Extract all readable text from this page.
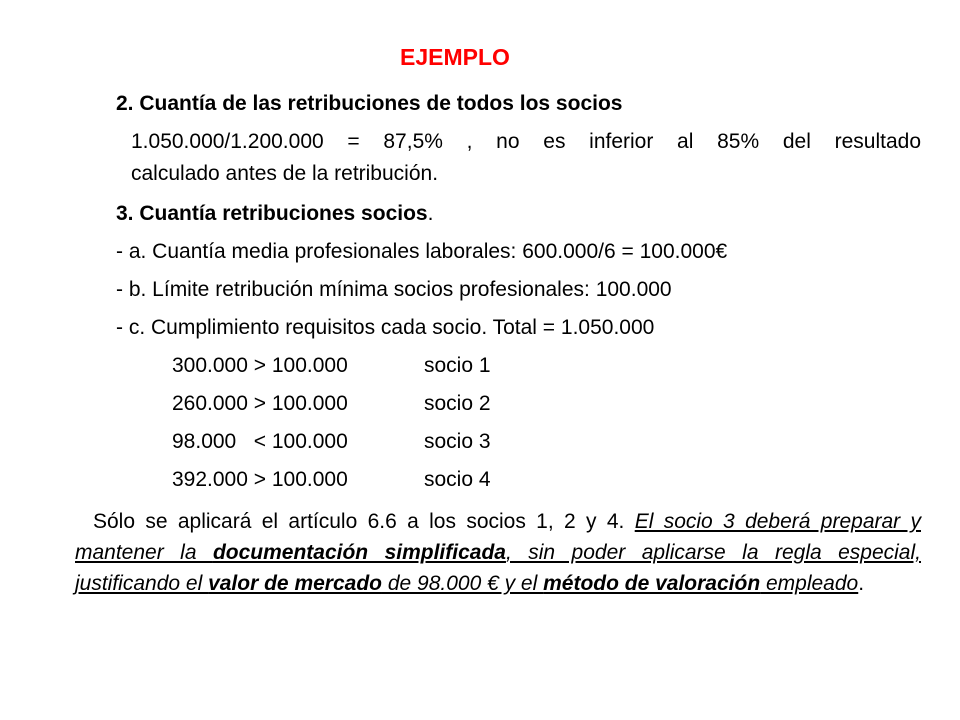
EJEMPLO
2. Cuantía de las retribuciones de todos los socios
1.050.000/1.200.000 = 87,5% , no es inferior al 85% del resultado
calculado antes de la retribución.
3. Cuantía retribuciones socios.
- a. Cuantía media profesionales laborales: 600.000/6 = 100.000€
- b. Límite retribución mínima socios profesionales: 100.000
- c. Cumplimiento requisitos cada socio. Total = 1.050.000
300.000 > 100.000	socio 1
260.000 > 100.000	socio 2
98.000   < 100.000	socio 3
392.000 > 100.000	socio 4
Sólo se aplicará el artículo 6.6 a los socios 1, 2 y 4. El socio 3 deberá preparar y mantener la documentación simplificada, sin poder aplicarse la regla especial, justificando el valor de mercado de 98.000 € y el método de valoración empleado.
